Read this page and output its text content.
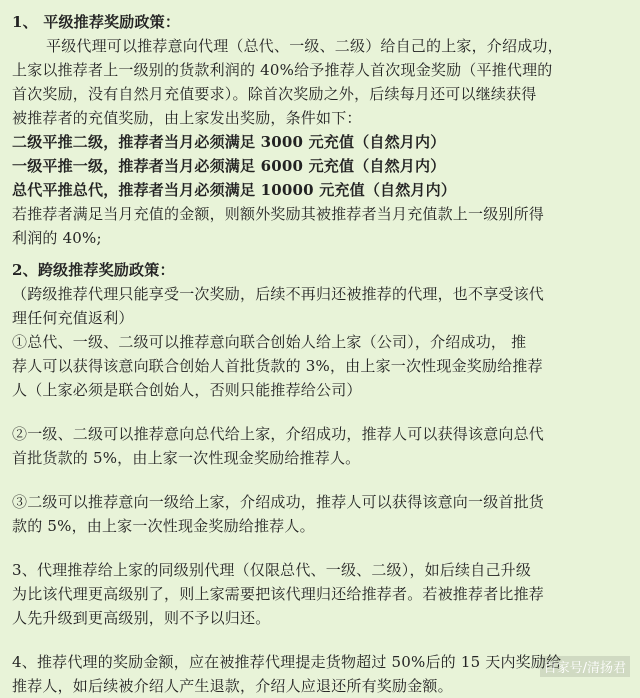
1、 平级推荐奖励政策：
平级代理可以推荐意向代理（总代、一级、二级）给自己的上家，介绍成功，
上家以推荐者上一级别的货款利润的 40%给予推荐人首次现金奖励（平推代理的
首次奖励，没有自然月充值要求）。除首次奖励之外，后续每月还可以继续获得
被推荐者的充值奖励，由上家发出奖励，条件如下：
二级平推二级，推荐者当月必须满足 3000 元充值（自然月内）
一级平推一级，推荐者当月必须满足 6000 元充值（自然月内）
总代平推总代，推荐者当月必须满足 10000 元充值（自然月内）
若推荐者满足当月充值的金额，则额外奖励其被推荐者当月充值款上一级别所得
利润的 40%;
2、跨级推荐奖励政策：
（跨级推荐代理只能享受一次奖励，后续不再归还被推荐的代理，也不享受该代
理任何充值返利）
①总代、一级、二级可以推荐意向联合创始人给上家（公司），介绍成功， 推
荐人可以获得该意向联合创始人首批货款的 3%，由上家一次性现金奖励给推荐
人（上家必须是联合创始人，否则只能推荐给公司）
②一级、二级可以推荐意向总代给上家，介绍成功，推荐人可以获得该意向总代
首批货款的 5%，由上家一次性现金奖励给推荐人。
③二级可以推荐意向一级给上家，介绍成功，推荐人可以获得该意向一级首批货
款的 5%，由上家一次性现金奖励给推荐人。
3、代理推荐给上家的同级别代理（仅限总代、一级、二级），如后续自己升级
为比该代理更高级别了，则上家需要把该代理归还给推荐者。若被推荐者比推荐
人先升级到更高级别，则不予以归还。
4、推荐代理的奖励金额，应在被推荐代理提走货物超过 50%后的 15 天内奖励给
推荐人，如后续被介绍人产生退款，介绍人应退还所有奖励金额。
百家号/清扬君
